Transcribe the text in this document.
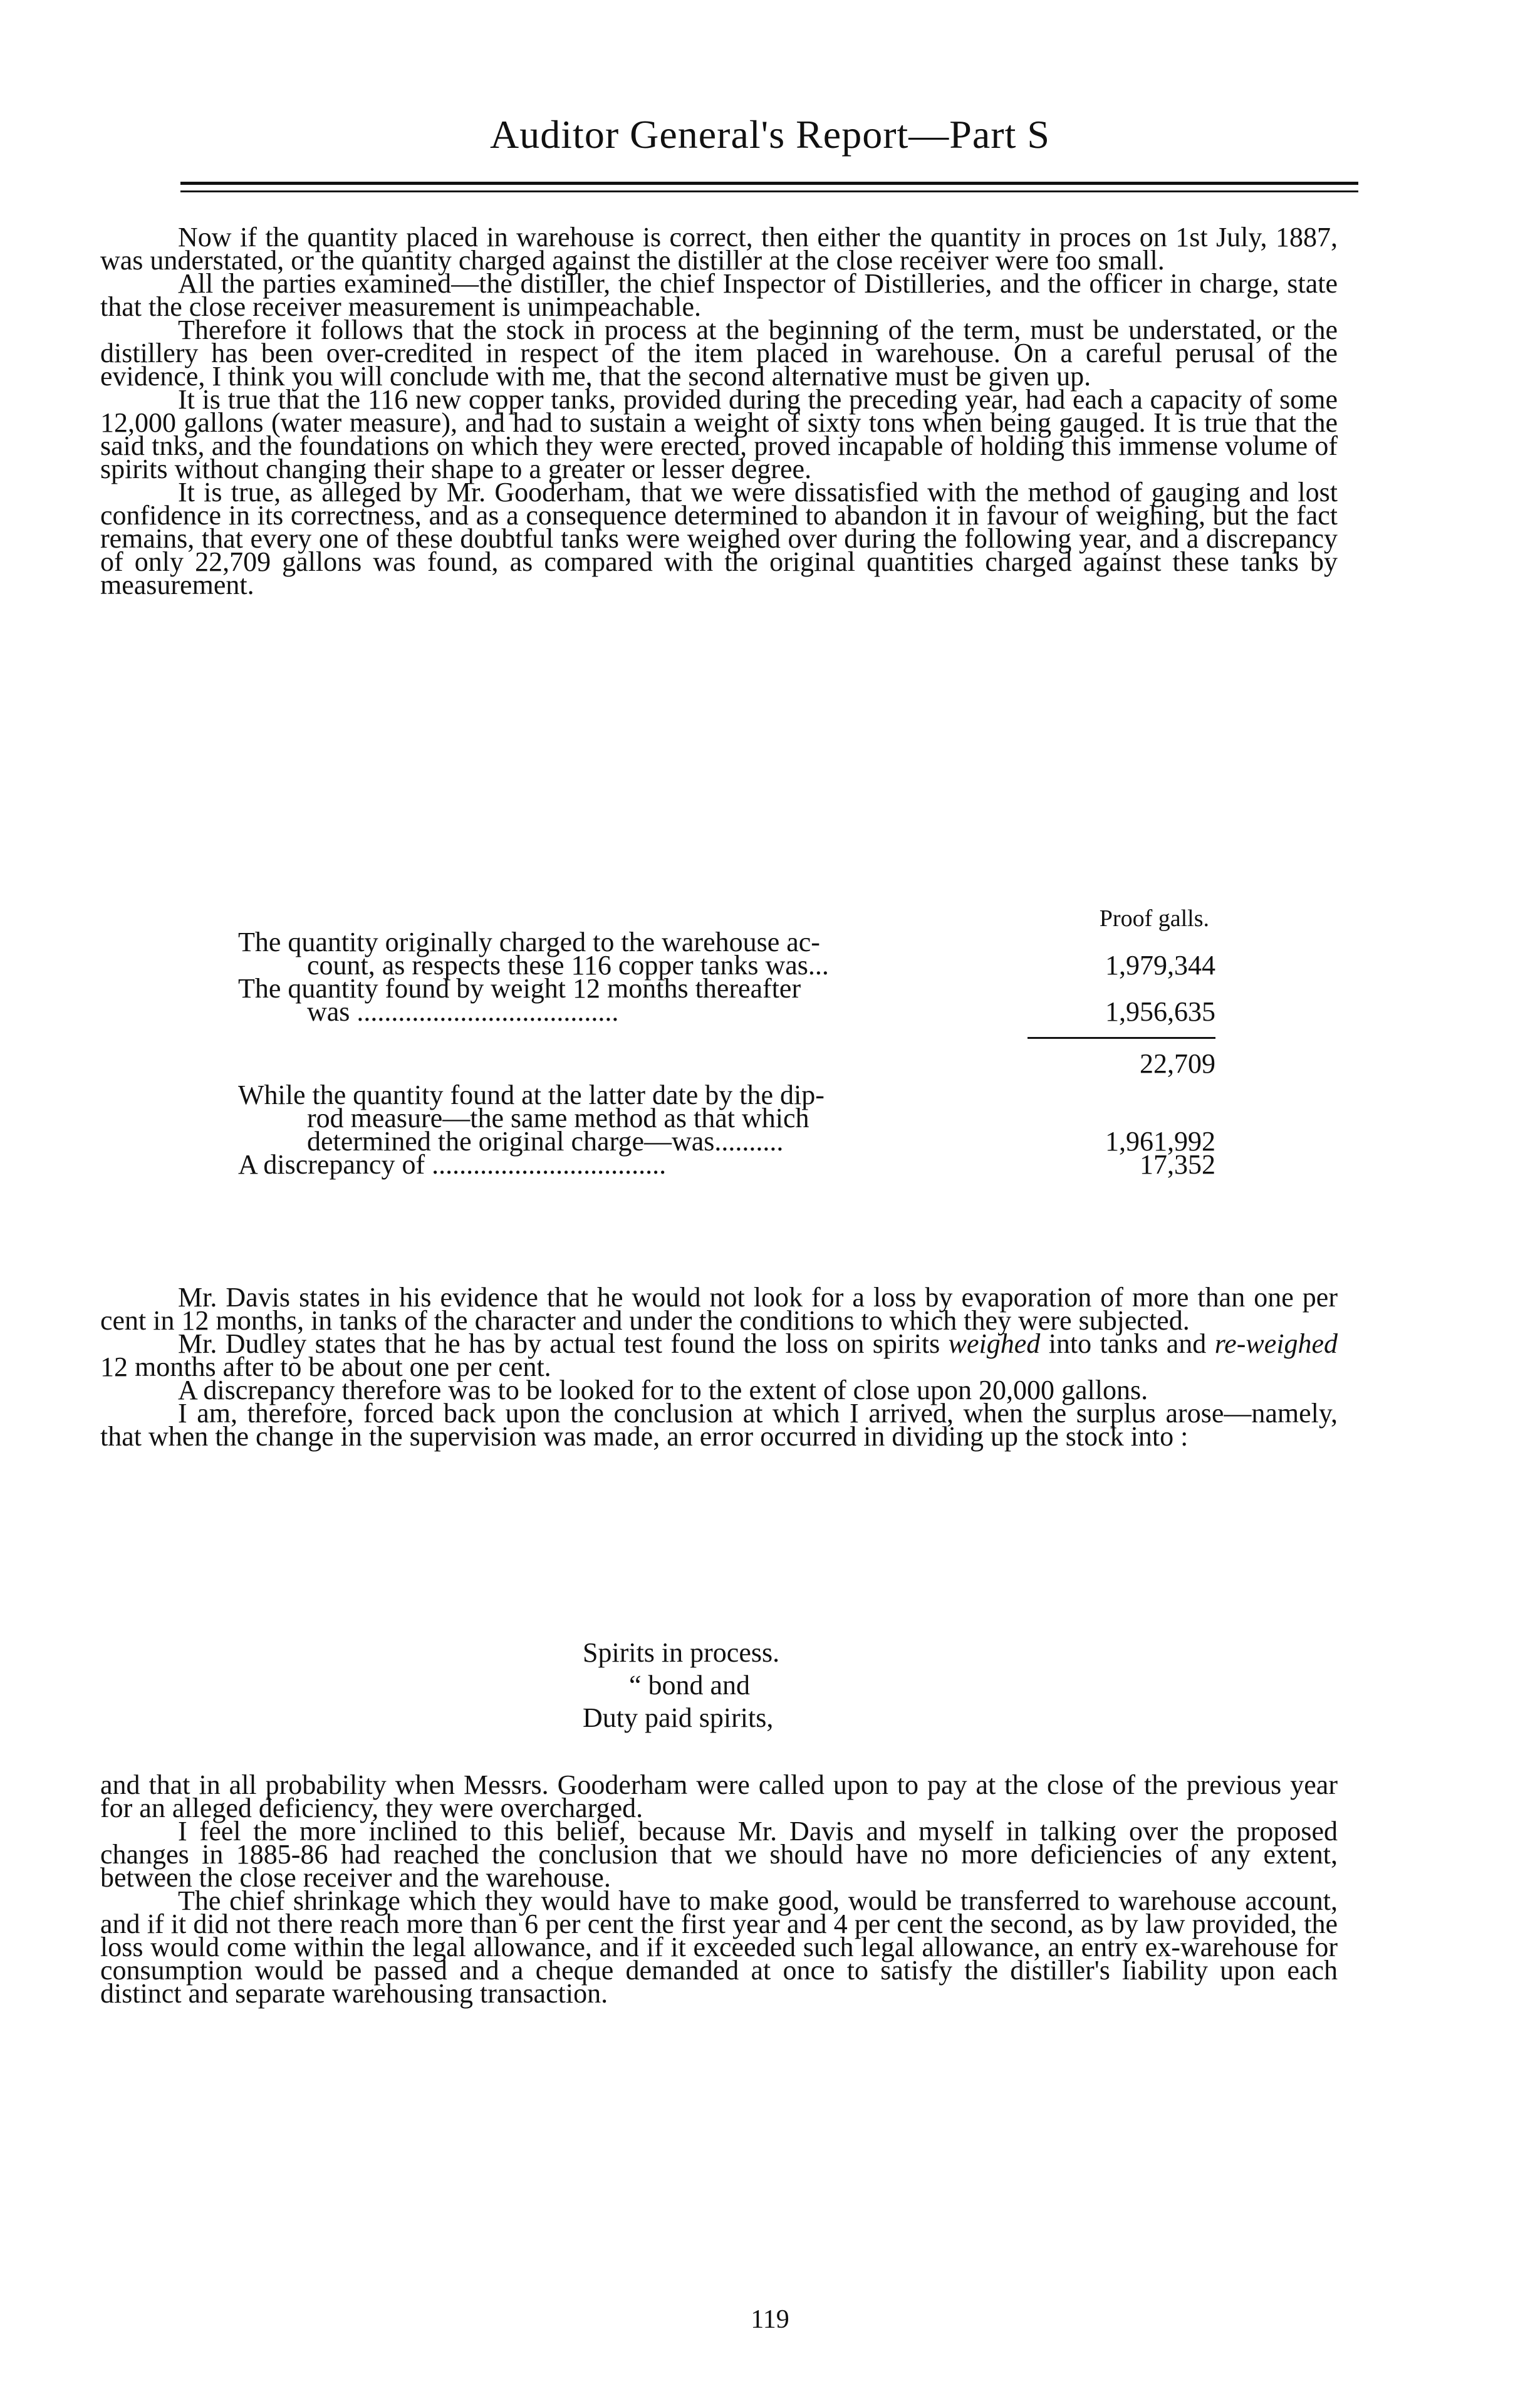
Auditor General's Report—Part S

Now if the quantity placed in warehouse is correct, then either the quantity in proces on 1st July, 1887, was understated, or the quantity charged against the distiller at the close receiver were too small.

All the parties examined—the distiller, the chief Inspector of Distilleries, and the officer in charge, state that the close receiver measurement is unimpeachable.

Therefore it follows that the stock in process at the beginning of the term, must be understated, or the distillery has been over-credited in respect of the item placed in warehouse. On a careful perusal of the evidence, I think you will conclude with me, that the second alternative must be given up.

It is true that the 116 new copper tanks, provided during the preceding year, had each a capacity of some 12,000 gallons (water measure), and had to sustain a weight of sixty tons when being gauged. It is true that the said tnks, and the foundations on which they were erected, proved incapable of holding this immense volume of spirits without changing their shape to a greater or lesser degree.

It is true, as alleged by Mr. Gooderham, that we were dissatisfied with the method of gauging and lost confidence in its correctness, and as a consequence determined to abandon it in favour of weighing, but the fact remains, that every one of these doubtful tanks were weighed over during the following year, and a discrepancy of only 22,709 gallons was found, as compared with the original quantities charged against these tanks by measurement.

Proof galls.
The quantity originally charged to the warehouse ac-
count, as respects these 116 copper tanks was...	1,979,344
The quantity found by weight 12 months thereafter
was ......................................	1,956,635
22,709
While the quantity found at the latter date by the dip-
rod measure—the same method as that which
determined the original charge—was..........	1,961,992
A discrepancy of ..................................	17,352

Mr. Davis states in his evidence that he would not look for a loss by evaporation of more than one per cent in 12 months, in tanks of the character and under the conditions to which they were subjected.

Mr. Dudley states that he has by actual test found the loss on spirits weighed into tanks and re-weighed 12 months after to be about one per cent.

A discrepancy therefore was to be looked for to the extent of close upon 20,000 gallons.

I am, therefore, forced back upon the conclusion at which I arrived, when the surplus arose—namely, that when the change in the supervision was made, an error occurred in dividing up the stock into :

Spirits in process.
“ bond and
Duty paid spirits,

and that in all probability when Messrs. Gooderham were called upon to pay at the close of the previous year for an alleged deficiency, they were overcharged.

I feel the more inclined to this belief, because Mr. Davis and myself in talking over the proposed changes in 1885-86 had reached the conclusion that we should have no more deficiencies of any extent, between the close receiver and the warehouse.

The chief shrinkage which they would have to make good, would be transferred to warehouse account, and if it did not there reach more than 6 per cent the first year and 4 per cent the second, as by law provided, the loss would come within the legal allowance, and if it exceeded such legal allowance, an entry ex-warehouse for consumption would be passed and a cheque demanded at once to satisfy the distiller's liability upon each distinct and separate warehousing transaction.

119
